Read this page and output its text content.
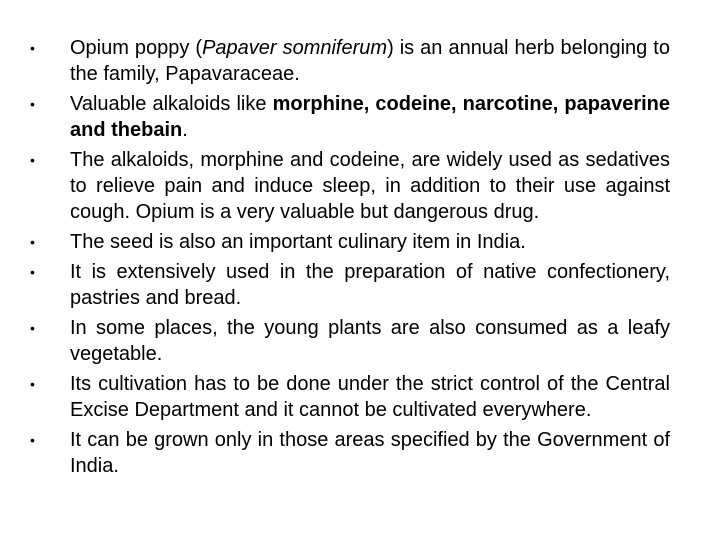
•	Opium poppy (Papaver somniferum) is an annual herb belonging to the family, Papavaraceae.
•	Valuable alkaloids like morphine, codeine, narcotine, papaverine and thebain.
•	The alkaloids, morphine and codeine, are widely used as sedatives to relieve pain and induce sleep, in addition to their use against cough. Opium is a very valuable but dangerous drug.
•	The seed is also an important culinary item in India.
•	It is extensively used in the preparation of native confectionery, pastries and bread.
•	In some places, the young plants are also consumed as a leafy vegetable.
•	Its cultivation has to be done under the strict control of the Central Excise Department and it cannot be cultivated everywhere.
•	It can be grown only in those areas specified by the Government of India.
